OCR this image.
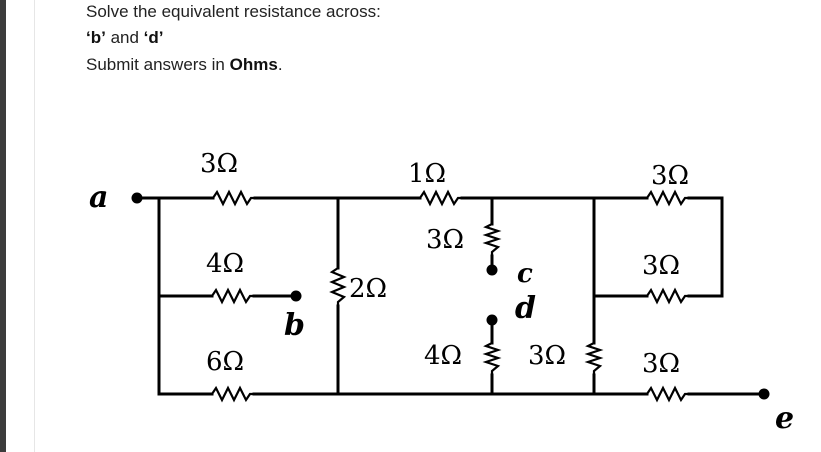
Solve the equivalent resistance across:
‘b’ and ‘d’
Submit answers in Ohms.
a
b
c
d
e
3Ω
4Ω
6Ω
2Ω
1Ω
3Ω
4Ω	3Ω
3Ω
3Ω
3Ω
